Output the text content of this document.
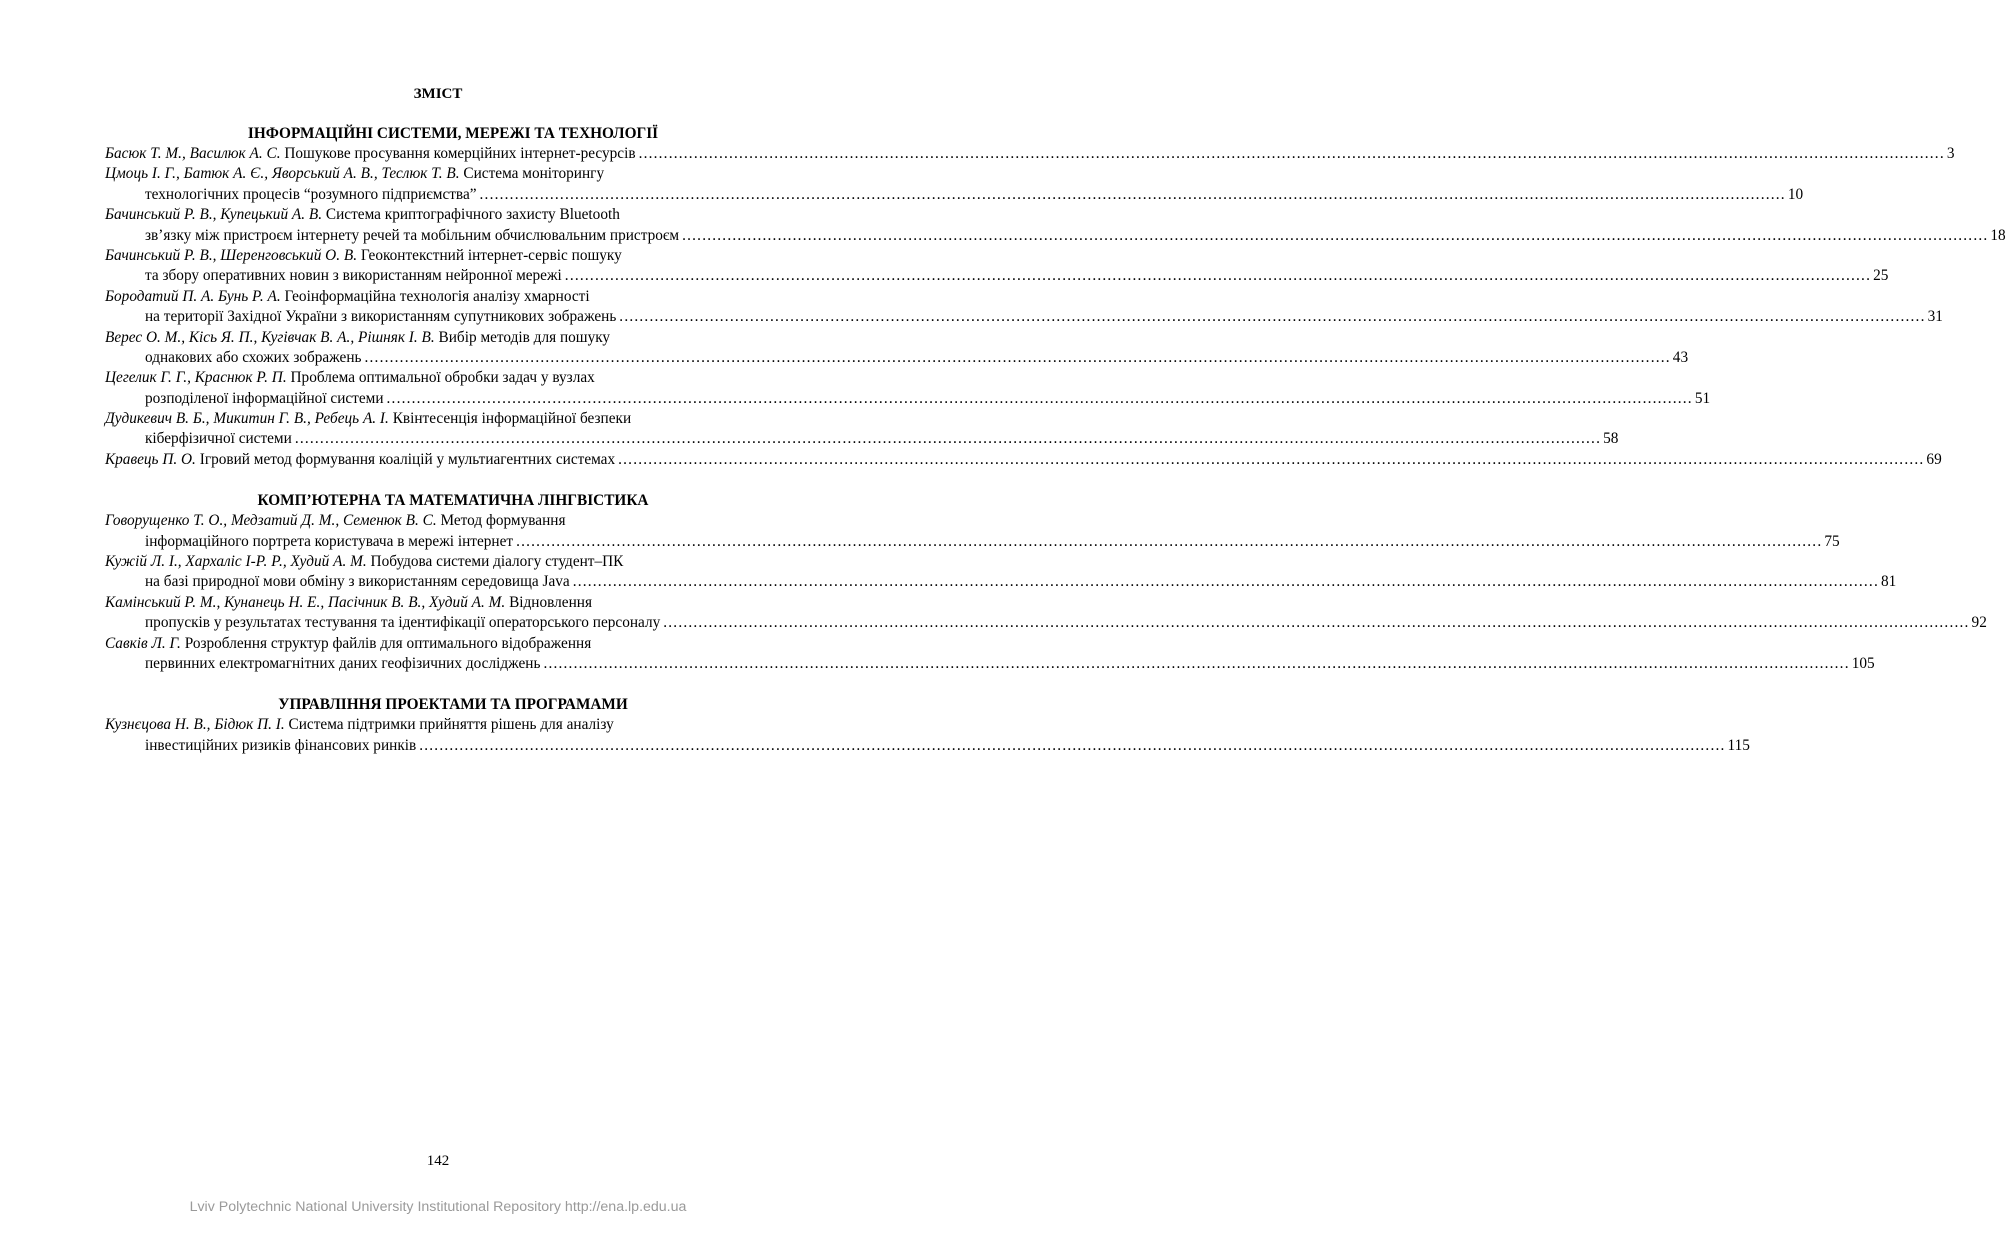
ЗМІСТ
ІНФОРМАЦІЙНІ СИСТЕМИ, МЕРЕЖІ ТА ТЕХНОЛОГІЇ
Басюк Т. М., Василюк А. С. Пошукове просування комерційних інтернет-ресурсів .................................................................................................................................................................................................................................................................... 3
Цмоць І. Г., Батюк А. Є., Яворський А. В., Теслюк Т. В. Система моніторингу
технологічних процесів “розумного підприємства” .................................................................................................................................................................................................................................................................... 10
Бачинський Р. В., Купецький А. В. Система криптографічного захисту Bluetooth
зв’язку між пристроєм інтернету речей та мобільним обчислювальним пристроєм .................................................................................................................................................................................................................................................................... 18
Бачинський Р. В., Шеренговський О. В. Геоконтекстний інтернет-сервіс пошуку
та збору оперативних новин з використанням нейронної мережі .................................................................................................................................................................................................................................................................... 25
Бородатий П. А. Бунь Р. А. Геоінформаційна технологія аналізу хмарності
на території Західної України з використанням супутникових зображень .................................................................................................................................................................................................................................................................... 31
Верес О. М., Кісь Я. П., Кугівчак В. А., Рішняк І. В. Вибір методів для пошуку
однакових або схожих зображень .................................................................................................................................................................................................................................................................... 43
Цегелик Г. Г., Краснюк Р. П. Проблема оптимальної обробки задач у вузлах
розподіленої інформаційної системи .................................................................................................................................................................................................................................................................... 51
Дудикевич В. Б., Микитин Г. В., Ребець А. І. Квінтесенція інформаційної безпеки
кіберфізичної системи .................................................................................................................................................................................................................................................................... 58
Кравець П. О. Ігровий метод формування коаліцій у мультиагентних системах .................................................................................................................................................................................................................................................................... 69
КОМП’ЮТЕРНА ТА МАТЕМАТИЧНА ЛІНГВІСТИКА
Говорущенко Т. О., Медзатий Д. М., Семенюк В. С. Метод формування
інформаційного портрета користувача в мережі інтернет .................................................................................................................................................................................................................................................................... 75
Кужій Л. І., Хархаліс І-Р. Р., Худий А. М. Побудова системи діалогу студент–ПК
на базі природної мови обміну з використанням середовища Java .................................................................................................................................................................................................................................................................... 81
Камінський Р. М., Кунанець Н. Е., Пасічник В. В., Худий А. М. Відновлення
пропусків у результатах тестування та ідентифікації операторського персоналу .................................................................................................................................................................................................................................................................... 92
Савків Л. Г. Розроблення структур файлів для оптимального відображення
первинних електромагнітних даних геофізичних досліджень .................................................................................................................................................................................................................................................................... 105
УПРАВЛІННЯ ПРОЕКТАМИ ТА ПРОГРАМАМИ
Кузнєцова Н. В., Бідюк П. І. Система підтримки прийняття рішень для аналізу
інвестиційних ризиків фінансових ринків .................................................................................................................................................................................................................................................................... 115
142
Lviv Polytechnic National University Institutional Repository http://ena.lp.edu.ua
